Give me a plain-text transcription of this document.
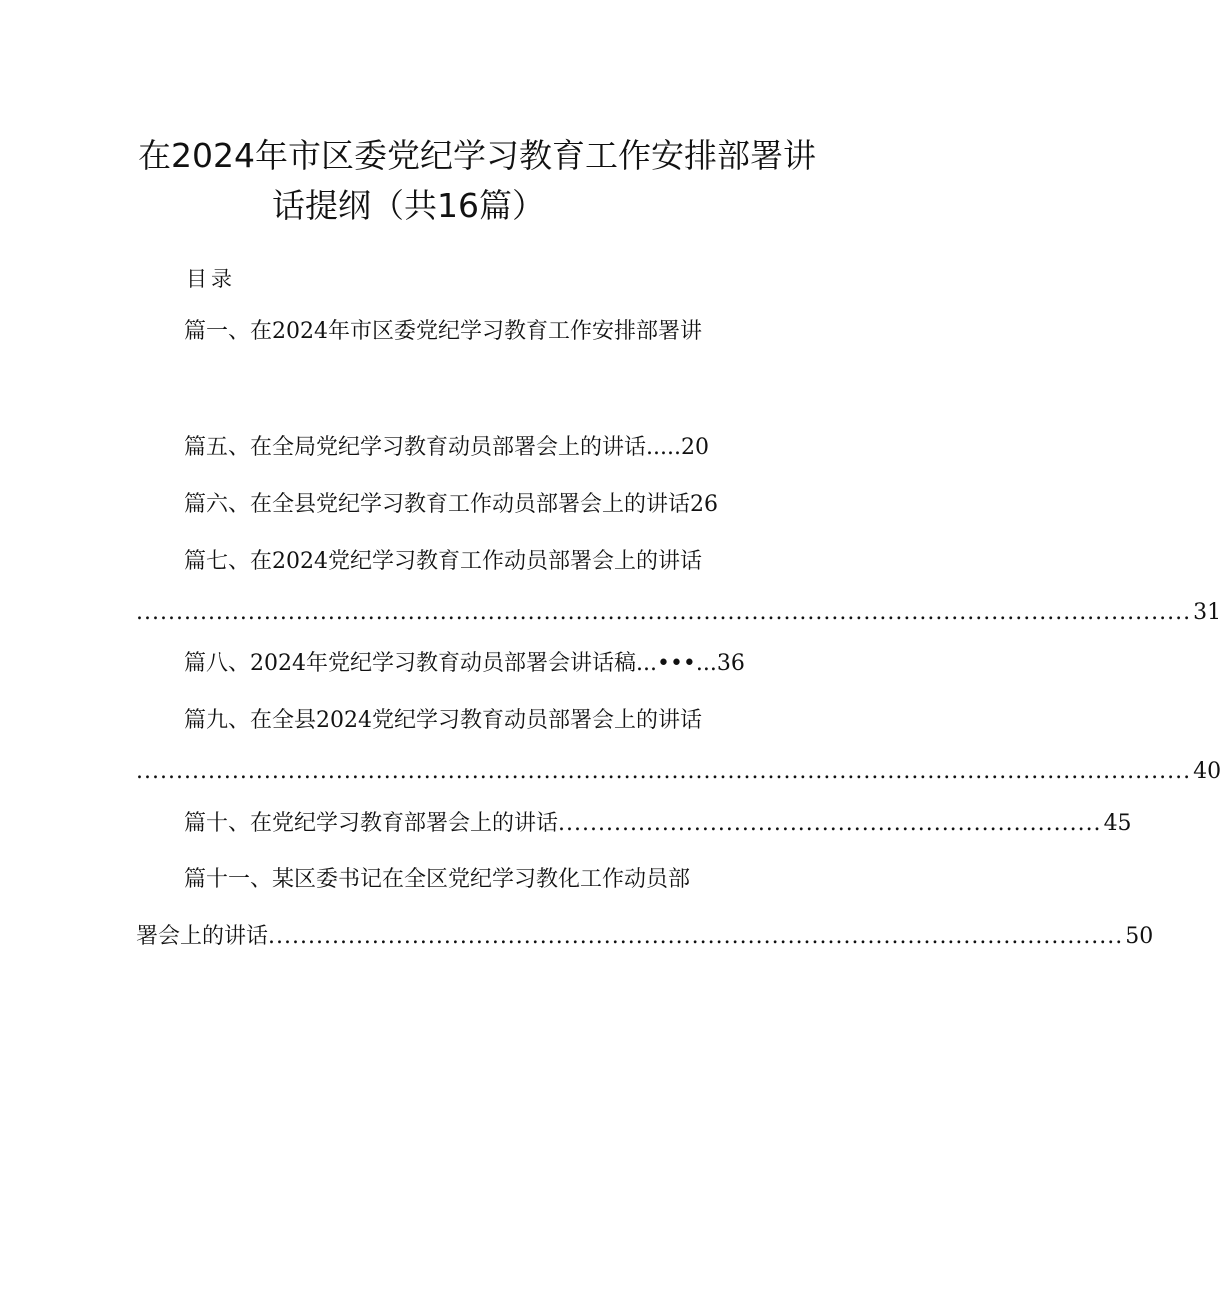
在2024年市区委党纪学习教育工作安排部署讲
话提纲（共16篇）
目录
篇一、在2024年市区委党纪学习教育工作安排部署讲
篇五、在全局党纪学习教育动员部署会上的讲话.....20
篇六、在全县党纪学习教育工作动员部署会上的讲话26
篇七、在2024党纪学习教育工作动员部署会上的讲话
.................................................................................................................................... 31
篇八、2024年党纪学习教育动员部署会讲话稿...•••...36
篇九、在全县2024党纪学习教育动员部署会上的讲话
.................................................................................................................................... 40
篇十、在党纪学习教育部署会上的讲话 .................................................................... 45
篇十一、某区委书记在全区党纪学习教化工作动员部
署会上的讲话 ........................................................................................................... 50
